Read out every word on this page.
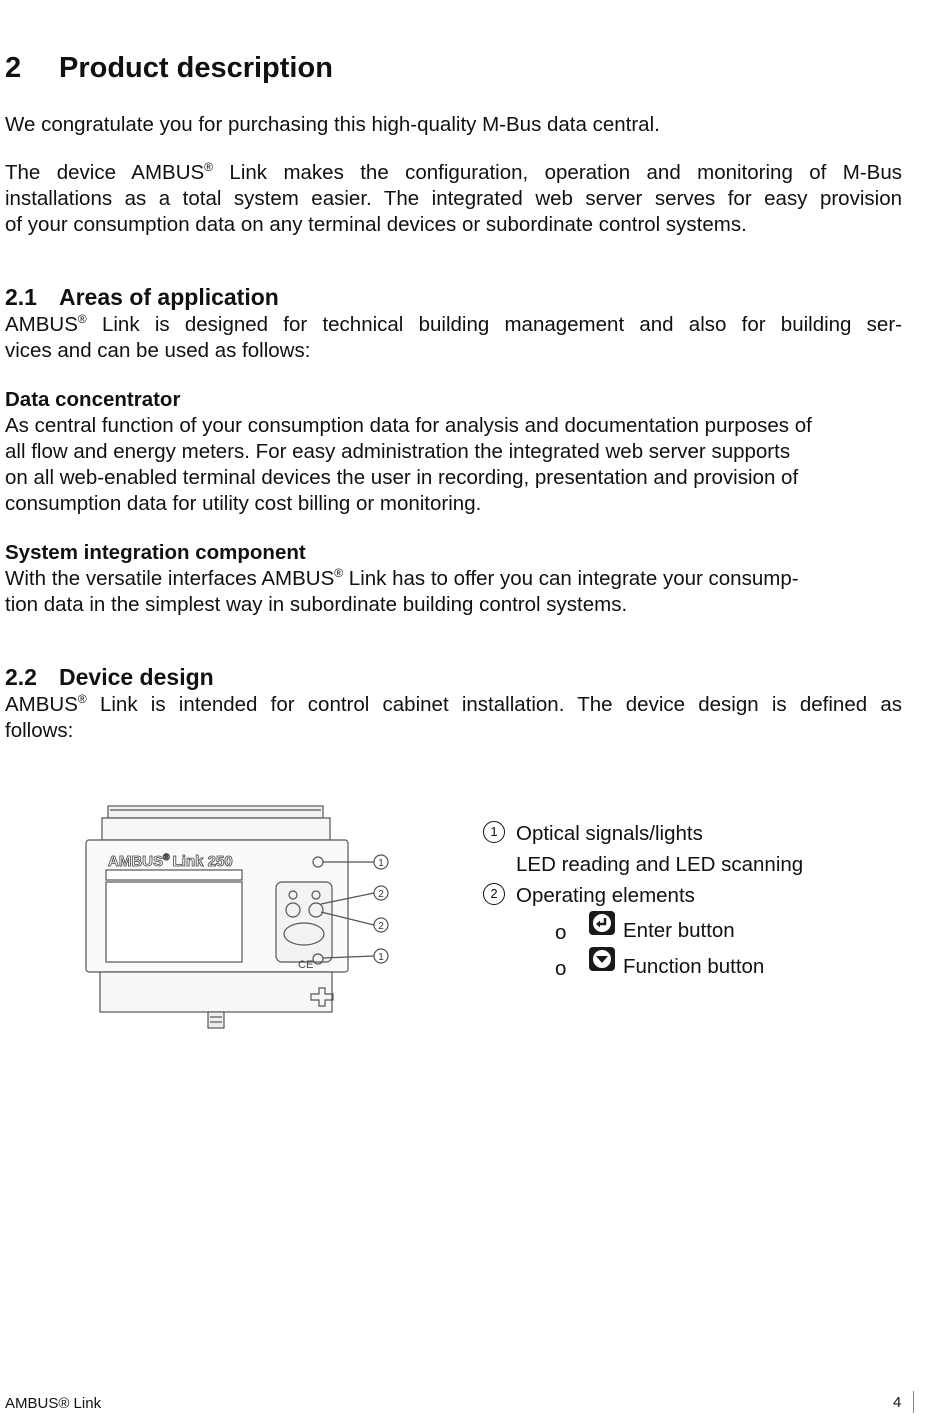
2 Product description

We congratulate you for purchasing this high-quality M-Bus data central.

The device AMBUS® Link makes the configuration, operation and monitoring of M-Bus
installations as a total system easier. The integrated web server serves for easy provision
of your consumption data on any terminal devices or subordinate control systems.

2.1 Areas of application

AMBUS® Link is designed for technical building management and also for building ser-
vices and can be used as follows:

Data concentrator
As central function of your consumption data for analysis and documentation purposes of
all flow and energy meters. For easy administration the integrated web server supports
on all web-enabled terminal devices the user in recording, presentation and provision of
consumption data for utility cost billing or monitoring.

System integration component
With the versatile interfaces AMBUS® Link has to offer you can integrate your consump-
tion data in the simplest way in subordinate building control systems.

2.2 Device design

AMBUS® Link is intended for control cabinet installation. The device design is defined as
follows:

AMBUS® Link 250
CE
1
2
2
1
1 Optical signals/lights
LED reading and LED scanning
2 Operating elements
o	Enter button
o	Function button
AMBUS® Link	4
